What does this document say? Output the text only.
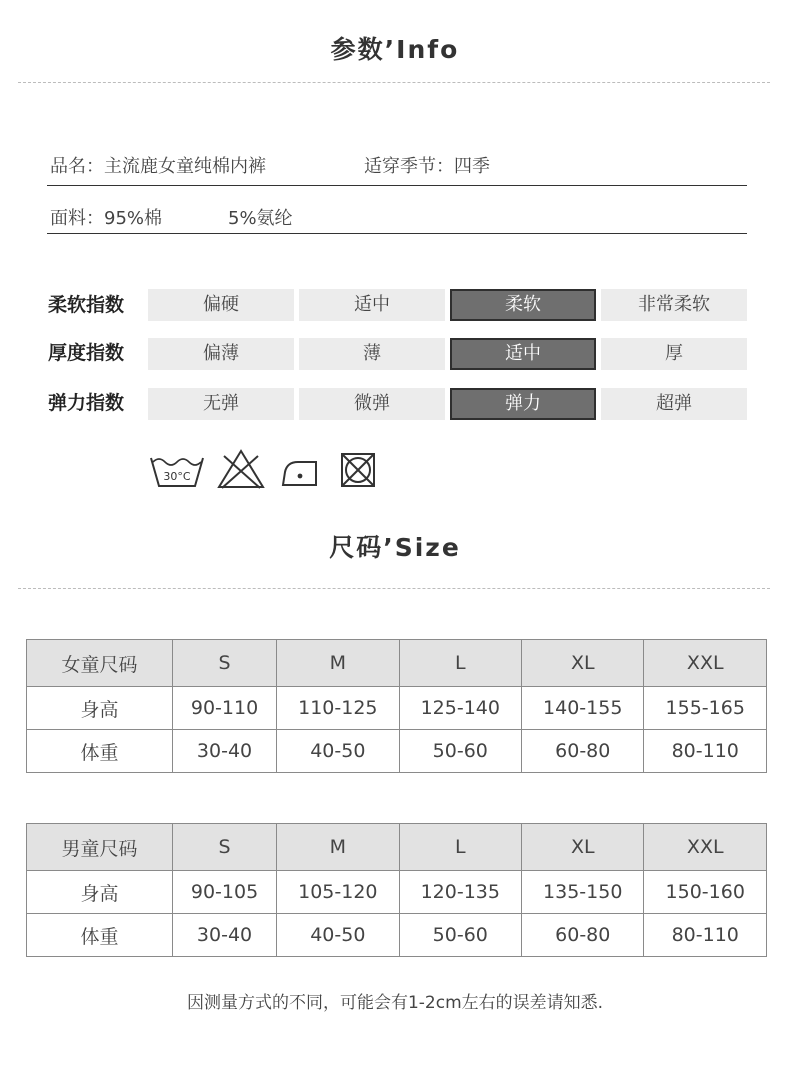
参数’Info
品名：主流鹿女童纯棉内裤	适穿季节：四季
面料：95%棉	5%氨纶
柔软指数	偏硬	适中	柔软	非常柔软
厚度指数	偏薄	薄	适中	厚
弹力指数	无弹	微弹	弹力	超弹
30°C
尺码’Size
女童尺码	S	M	L	XL	XXL
身高	90-110	110-125	125-140	140-155	155-165
体重	30-40	40-50	50-60	60-80	80-110
男童尺码	S	M	L	XL	XXL
身高	90-105	105-120	120-135	135-150	150-160
体重	30-40	40-50	50-60	60-80	80-110
因测量方式的不同，可能会有1-2cm左右的误差请知悉.
